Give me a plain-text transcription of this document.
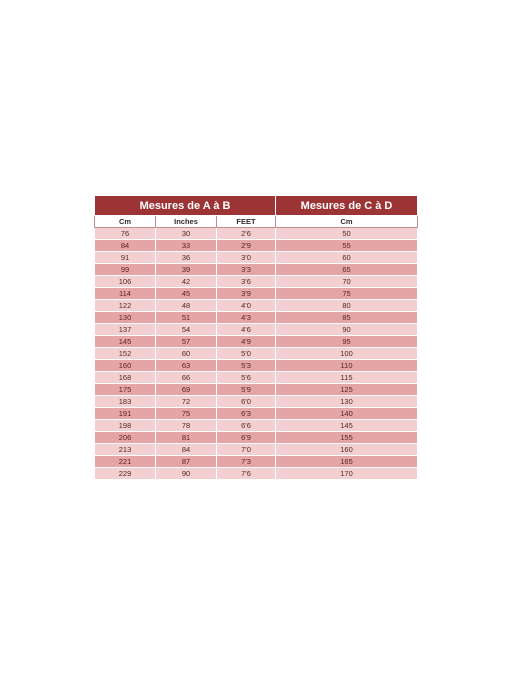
Mesures de A à B			Mesures de C à D
Cm	Inches	FEET	Cm
76	30	2'6	50
84	33	2'9	55
91	36	3'0	60
99	39	3'3	65
106	42	3'6	70
114	45	3'9	75
122	48	4'0	80
130	51	4'3	85
137	54	4'6	90
145	57	4'9	95
152	60	5'0	100
160	63	5'3	110
168	66	5'6	115
175	69	5'9	125
183	72	6'0	130
191	75	6'3	140
198	78	6'6	145
206	81	6'9	155
213	84	7'0	160
221	87	7'3	165
229	90	7'6	170
